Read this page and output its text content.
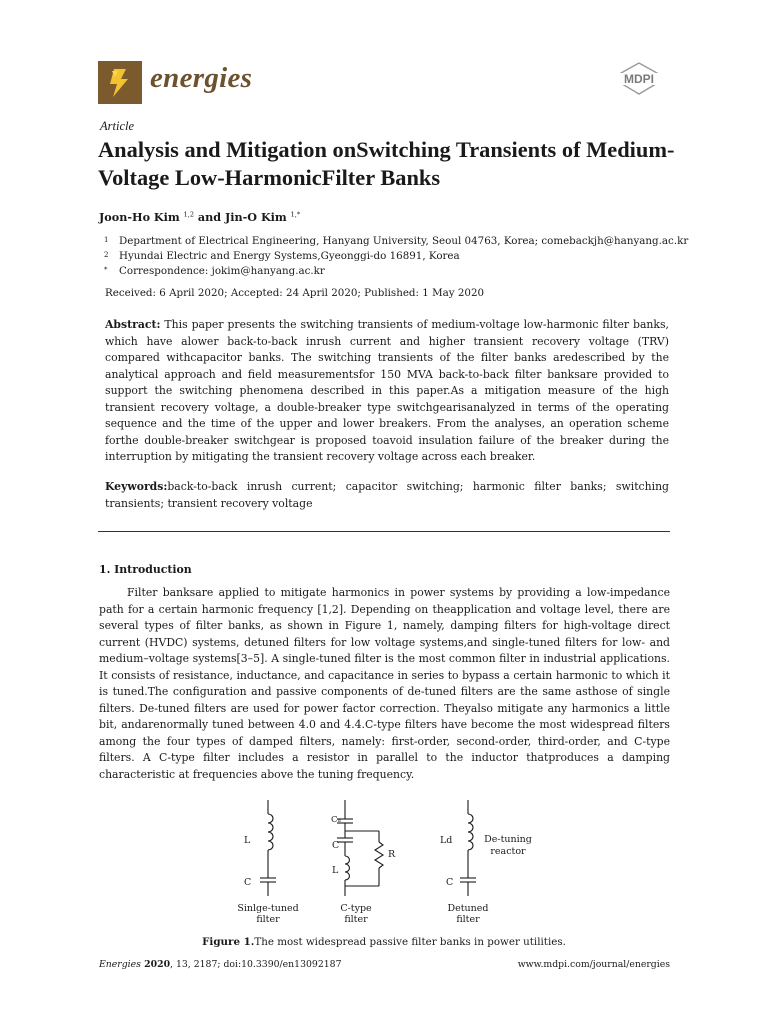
energies	MDPI
Article
Analysis and Mitigation onSwitching Transients of Medium-Voltage Low-HarmonicFilter Banks
Joon-Ho Kim $^{1,2}$ and Jin-O Kim $^{1,*}$
1	Department of Electrical Engineering, Hanyang University, Seoul 04763, Korea; comebackjh@hanyang.ac.kr
2	Hyundai Electric and Energy Systems,Gyeonggi-do 16891, Korea
*	Correspondence: jokim@hanyang.ac.kr
Received: 6 April 2020; Accepted: 24 April 2020; Published: 1 May 2020
Abstract: This paper presents the switching transients of medium-voltage low-harmonic filter banks, which have alower back-to-back inrush current and higher transient recovery voltage (TRV) compared withcapacitor banks. The switching transients of the filter banks aredescribed by the analytical approach and field measurementsfor 150 MVA back-to-back filter banksare provided to support the switching phenomena described in this paper.As a mitigation measure of the high transient recovery voltage, a double-breaker type switchgearisanalyzed in terms of the operating sequence and the time of the upper and lower breakers. From the analyses, an operation scheme forthe double-breaker switchgear is proposed toavoid insulation failure of the breaker during the interruption by mitigating the transient recovery voltage across each breaker.
Keywords:back-to-back inrush current; capacitor switching; harmonic filter banks; switching transients; transient recovery voltage
1. Introduction
Filter banksare applied to mitigate harmonics in power systems by providing a low-impedance path for a certain harmonic frequency [1,2]. Depending on theapplication and voltage level, there are several types of filter banks, as shown in Figure 1, namely, damping filters for high-voltage direct current (HVDC) systems, detuned filters for low voltage systems,and single-tuned filters for low- and medium–voltage systems[3–5]. A single-tuned filter is the most common filter in industrial applications. It consists of resistance, inductance, and capacitance in series to bypass a certain harmonic to which it is tuned.The configuration and passive components of de-tuned filters are the same asthose of single filters. De-tuned filters are used for power factor correction. Theyalso mitigate any harmonics a little bit, andarenormally tuned between 4.0 and 4.4.C-type filters have become the most widespread filters among the four types of damped filters, namely: first-order, second-order, third-order, and C-type filters. A C-type filter includes a resistor in parallel to the inductor thatproduces a damping characteristic at frequencies above the tuning frequency.
L
C
Cᵤ
C
L
R
Ld
C
De-tuning
reactor
Sinlge-tuned
filter
C-type
filter
Detuned
filter
Figure 1.The most widespread passive filter banks in power utilities.
Energies 2020, 13, 2187; doi:10.3390/en13092187	www.mdpi.com/journal/energies
